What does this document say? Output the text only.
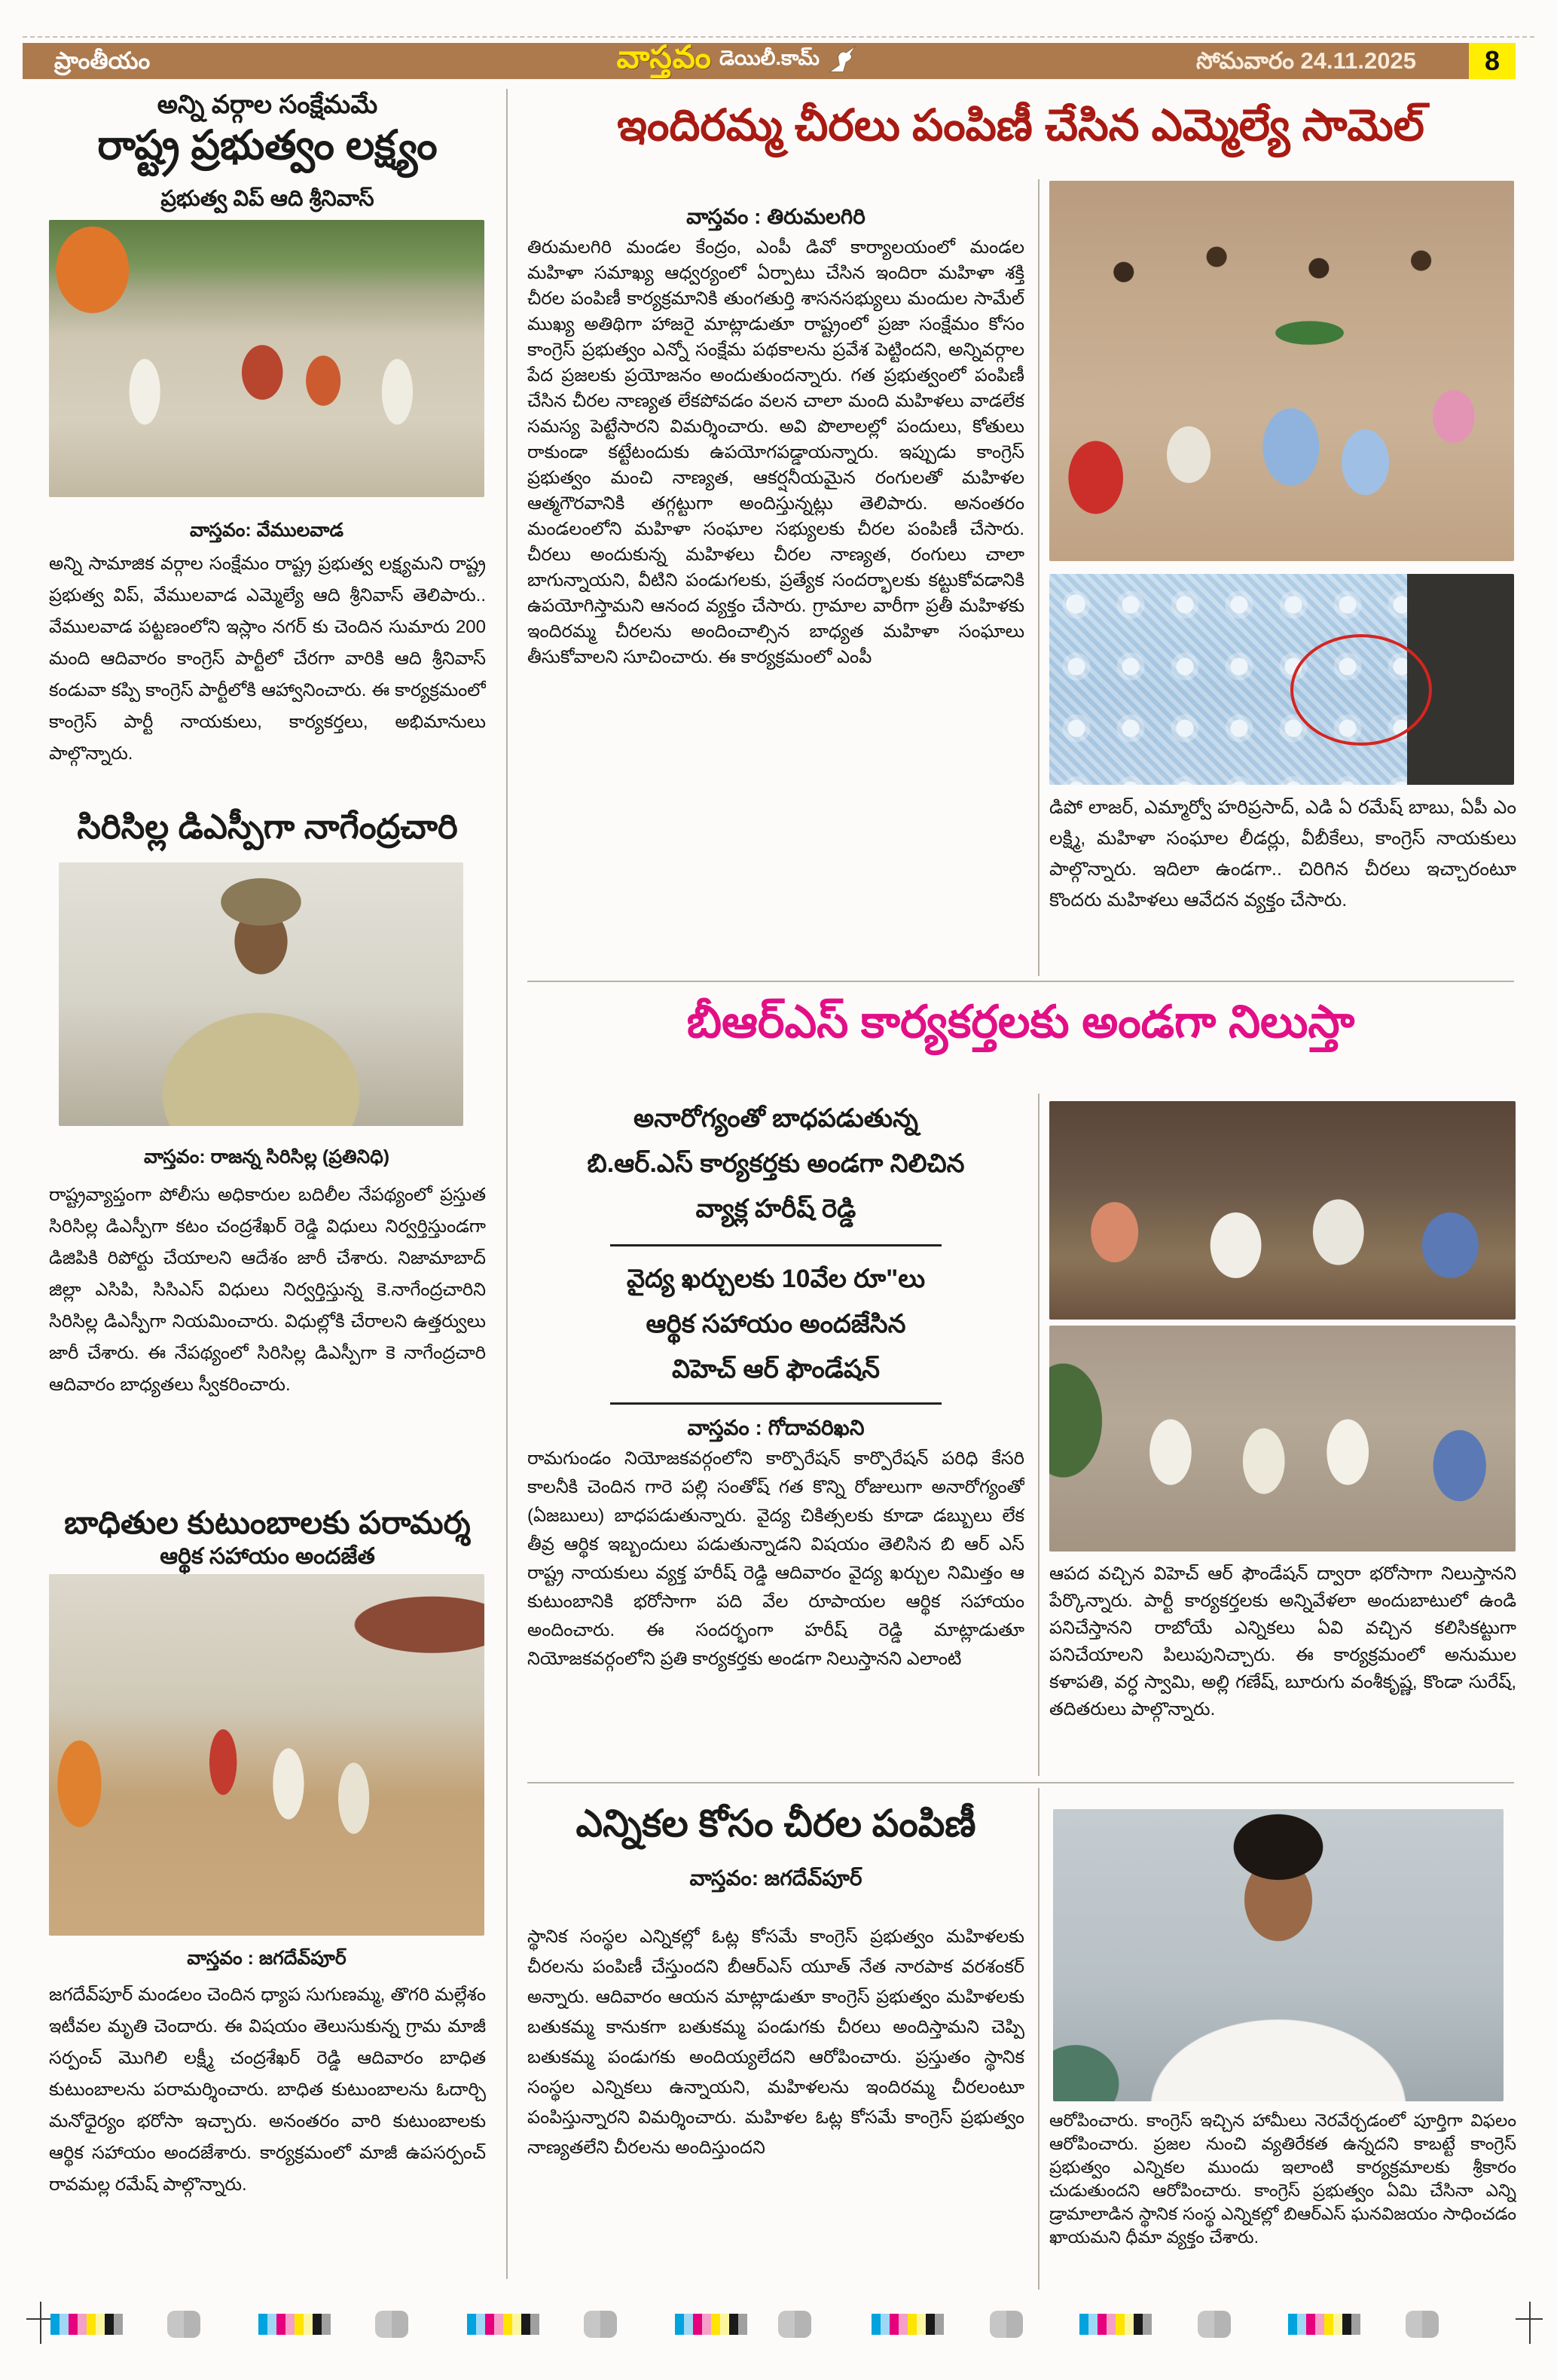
ప్రాంతీయం	వాస్తవం డెయిలీ.కామ్	సోమవారం 24.11.2025	8
అన్ని వర్గాల సంక్షేమమే
రాష్ట్ర ప్రభుత్వం లక్ష్యం
ప్రభుత్వ విప్ ఆది శ్రీనివాస్
వాస్తవం: వేములవాడ
అన్ని సామాజిక వర్గాల సంక్షేమం రాష్ట్ర ప్రభుత్వ లక్ష్యమని రాష్ట్ర ప్రభుత్వ విప్, వేములవాడ ఎమ్మెల్యే ఆది శ్రీనివాస్ తెలిపారు.. వేములవాడ పట్టణంలోని ఇస్లాం నగర్ కు చెందిన సుమారు 200 మంది ఆదివారం కాంగ్రెస్ పార్టీలో చేరగా వారికి ఆది శ్రీనివాస్ కండువా కప్పి కాంగ్రెస్ పార్టీలోకి ఆహ్వానించారు. ఈ కార్యక్రమంలో కాంగ్రెస్ పార్టీ నాయకులు, కార్యకర్తలు, అభిమానులు పాల్గొన్నారు.
సిరిసిల్ల డిఎస్పీగా నాగేంద్రచారి
వాస్తవం: రాజన్న సిరిసిల్ల (ప్రతినిధి)
రాష్ట్రవ్యాప్తంగా పోలీసు అధికారుల బదిలీల నేపథ్యంలో ప్రస్తుత సిరిసిల్ల డిఎస్పీగా కటం చంద్రశేఖర్ రెడ్డి విధులు నిర్వర్తిస్తుండగా డిజిపికి రిపోర్టు చేయాలని ఆదేశం జారీ చేశారు. నిజామాబాద్ జిల్లా ఎసిపి, సిసిఎస్ విధులు నిర్వర్తిస్తున్న కె.నాగేంద్రచారిని సిరిసిల్ల డిఎస్పీగా నియమించారు. విధుల్లోకి చేరాలని ఉత్తర్వులు జారీ చేశారు. ఈ నేపథ్యంలో సిరిసిల్ల డిఎస్పీగా కె నాగేంద్రచారి ఆదివారం బాధ్యతలు స్వీకరించారు.
బాధితుల కుటుంబాలకు పరామర్శ
ఆర్థిక సహాయం అందజేత
వాస్తవం : జగదేవ్‌పూర్
జగదేవ్‌పూర్ మండలం చెందిన ధ్యాప సుగుణమ్మ, తొగరి మల్లేశం ఇటీవల మృతి చెందారు. ఈ విషయం తెలుసుకున్న గ్రామ మాజీ సర్పంచ్ మొగిలి లక్ష్మీ చంద్రశేఖర్ రెడ్డి ఆదివారం బాధిత కుటుంబాలను పరామర్శించారు. బాధిత కుటుంబాలను ఓదార్చి మనోధైర్యం భరోసా ఇచ్చారు. అనంతరం వారి కుటుంబాలకు ఆర్థిక సహాయం అందజేశారు. కార్యక్రమంలో మాజీ ఉపసర్పంచ్ రావమల్ల రమేష్ పాల్గొన్నారు.
ఇందిరమ్మ చీరలు పంపిణీ చేసిన ఎమ్మెల్యే సామెల్
వాస్తవం : తిరుమలగిరి
తిరుమలగిరి మండల కేంద్రం, ఎంపీ డివో కార్యాలయంలో మండల మహిళా సమాఖ్య ఆధ్వర్యంలో ఏర్పాటు చేసిన ఇందిరా మహిళా శక్తి చీరల పంపిణీ కార్యక్రమానికి తుంగతుర్తి శాసనసభ్యులు మందుల సామేల్ ముఖ్య అతిథిగా హాజరై మాట్లాడుతూ రాష్ట్రంలో ప్రజా సంక్షేమం కోసం కాంగ్రెస్ ప్రభుత్వం ఎన్నో సంక్షేమ పథకాలను ప్రవేశ పెట్టిందని, అన్నివర్గాల పేద ప్రజలకు ప్రయోజనం అందుతుందన్నారు. గత ప్రభుత్వంలో పంపిణీ చేసిన చీరల నాణ్యత లేకపోవడం వలన చాలా మంది మహిళలు వాడలేక సమస్య పెట్టేసారని విమర్శించారు. అవి పొలాలల్లో పందులు, కోతులు రాకుండా కట్టేటందుకు ఉపయోగపడ్డాయన్నారు. ఇప్పుడు కాంగ్రెస్ ప్రభుత్వం మంచి నాణ్యత, ఆకర్షనీయమైన రంగులతో మహిళల ఆత్మగౌరవానికి తగ్గట్టుగా అందిస్తున్నట్లు తెలిపారు. అనంతరం మండలంలోని మహిళా సంఘాల సభ్యులకు చీరల పంపిణీ చేసారు. చీరలు అందుకున్న మహిళలు చీరల నాణ్యత, రంగులు చాలా బాగున్నాయని, వీటిని పండుగలకు, ప్రత్యేక సందర్భాలకు కట్టుకోవడానికి ఉపయోగిస్తామని ఆనంద వ్యక్తం చేసారు. గ్రామాల వారీగా ప్రతీ మహిళకు ఇందిరమ్మ చీరలను అందించాల్సిన బాధ్యత మహిళా సంఘాలు తీసుకోవాలని సూచించారు. ఈ కార్యక్రమంలో ఎంపీ
డిపో లాజర్, ఎమ్మార్వో హరిప్రసాద్, ఎడి ఏ రమేష్ బాబు, ఏపీ ఎం లక్ష్మి, మహిళా సంఘాల లీడర్లు, వీబీకేలు, కాంగ్రెస్ నాయకులు పాల్గొన్నారు. ఇదిలా ఉండగా.. చిరిగిన చీరలు ఇచ్చారంటూ కొందరు మహిళలు ఆవేదన వ్యక్తం చేసారు.
బీఆర్ఎస్ కార్యకర్తలకు అండగా నిలుస్తా
అనారోగ్యంతో బాధపడుతున్న
బి.ఆర్.ఎస్ కార్యకర్తకు అండగా నిలిచిన
వ్యాక్ల హరీష్ రెడ్డి
వైద్య ఖర్చులకు 10వేల రూ"లు
ఆర్థిక సహాయం అందజేసిన
విహెచ్ ఆర్ ఫౌండేషన్
వాస్తవం : గోదావరిఖని
రామగుండం నియోజకవర్గంలోని కార్పొరేషన్ కార్పొరేషన్ పరిధి కేసరి కాలనీకి చెందిన గారె పల్లి సంతోష్ గత కొన్ని రోజులుగా అనారోగ్యంతో (ఏజబులు) బాధపడుతున్నారు. వైద్య చికిత్సలకు కూడా డబ్బులు లేక తీవ్ర ఆర్థిక ఇబ్బందులు పడుతున్నాడని విషయం తెలిసిన బి ఆర్ ఎస్ రాష్ట్ర నాయకులు వ్యక్త హరీష్ రెడ్డి ఆదివారం వైద్య ఖర్చుల నిమిత్తం ఆ కుటుంబానికి భరోసాగా పది వేల రూపాయల ఆర్థిక సహాయం అందించారు. ఈ సందర్భంగా హరీష్ రెడ్డి మాట్లాడుతూ నియోజకవర్గంలోని ప్రతి కార్యకర్తకు అండగా నిలుస్తానని ఎలాంటి
ఆపద వచ్చిన విహెచ్ ఆర్ ఫౌండేషన్ ద్వారా భరోసాగా నిలుస్తానని పేర్కొన్నారు. పార్టీ కార్యకర్తలకు అన్నివేళలా అందుబాటులో ఉండి పనిచేస్తానని రాబోయే ఎన్నికలు ఏవి వచ్చిన కలిసికట్టుగా పనిచేయాలని పిలుపునిచ్చారు. ఈ కార్యక్రమంలో అనుముల కళాపతి, వర్ధ స్వామి, అల్లి గణేష్, బూరుగు వంశీకృష్ణ, కొండా సురేష్, తదితరులు పాల్గొన్నారు.
ఎన్నికల కోసం చీరల పంపిణీ
వాస్తవం: జగదేవ్‌పూర్
స్థానిక సంస్థల ఎన్నికల్లో ఓట్ల కోసమే కాంగ్రెస్ ప్రభుత్వం మహిళలకు చీరలను పంపిణీ చేస్తుందని బీఆర్ఎస్ యూత్ నేత నారపాక వరశంకర్ అన్నారు. ఆదివారం ఆయన మాట్లాడుతూ కాంగ్రెస్ ప్రభుత్వం మహిళలకు బతుకమ్మ కానుకగా బతుకమ్మ పండుగకు చీరలు అందిస్తామని చెప్పి బతుకమ్మ పండుగకు అందియ్యలేదని ఆరోపించారు. ప్రస్తుతం స్థానిక సంస్థల ఎన్నికలు ఉన్నాయని, మహిళలను ఇందిరమ్మ చీరలంటూ పంపిస్తున్నారని విమర్శించారు. మహిళల ఓట్ల కోసమే కాంగ్రెస్ ప్రభుత్వం నాణ్యతలేని చీరలను అందిస్తుందని
ఆరోపించారు. కాంగ్రెస్ ఇచ్చిన హామీలు నెరవేర్చడంలో పూర్తిగా విఫలం ఆరోపించారు. ప్రజల నుంచి వ్యతిరేకత ఉన్నదని కాబట్టే కాంగ్రెస్ ప్రభుత్వం ఎన్నికల ముందు ఇలాంటి కార్యక్రమాలకు శ్రీకారం చుడుతుందని ఆరోపించారు. కాంగ్రెస్ ప్రభుత్వం ఏమి చేసినా ఎన్ని డ్రామాలాడిన స్థానిక సంస్థ ఎన్నికల్లో బిఆర్ఎస్ ఘనవిజయం సాధించడం ఖాయమని ధీమా వ్యక్తం చేశారు.
